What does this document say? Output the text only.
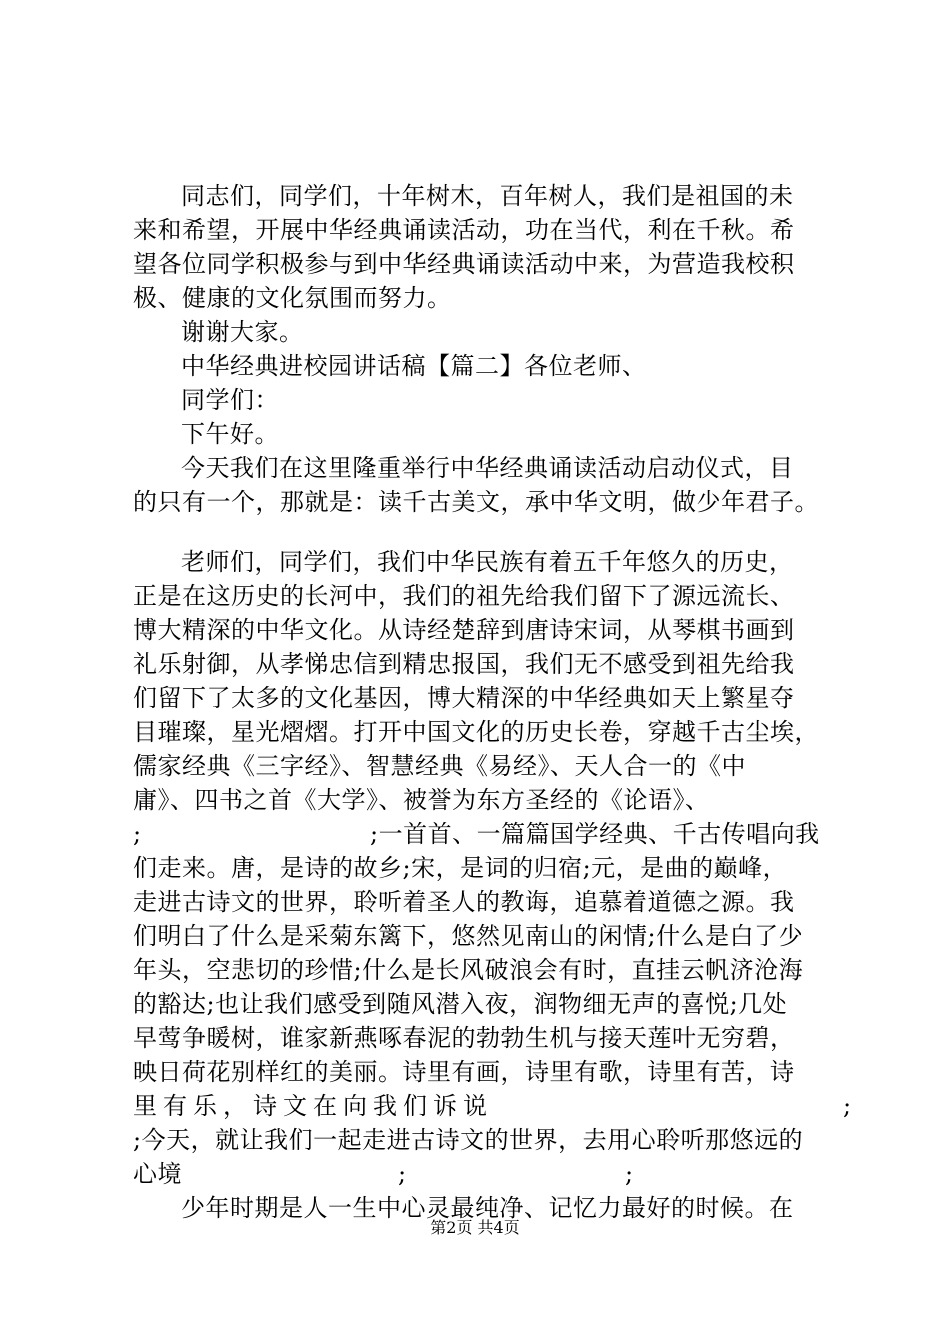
同志们，同学们，十年树木，百年树人，我们是祖国的未
来和希望，开展中华经典诵读活动，功在当代，利在千秋。希
望各位同学积极参与到中华经典诵读活动中来，为营造我校积
极、健康的文化氛围而努力。
谢谢大家。
中华经典进校园讲话稿【篇二】各位老师、
同学们：
下午好。
今天我们在这里隆重举行中华经典诵读活动启动仪式，目
的只有一个，那就是：读千古美文，承中华文明，做少年君子。
老师们，同学们，我们中华民族有着五千年悠久的历史，
正是在这历史的长河中，我们的祖先给我们留下了源远流长、
博大精深的中华文化。从诗经楚辞到唐诗宋词，从琴棋书画到
礼乐射御，从孝悌忠信到精忠报国，我们无不感受到祖先给我
们留下了太多的文化基因，博大精深的中华经典如天上繁星夺
目璀璨，星光熠熠。打开中国文化的历史长卷，穿越千古尘埃，
儒家经典《三字经》、智慧经典《易经》、天人合一的《中
庸》、四书之首《大学》、被誉为东方圣经的《论语》、
;	;一首首、一篇篇国学经典、千古传唱向我
们走来。唐，是诗的故乡;宋，是词的归宿;元，是曲的巅峰，
走进古诗文的世界，聆听着圣人的教诲，追慕着道德之源。我
们明白了什么是采菊东篱下，悠然见南山的闲情;什么是白了少
年头，空悲切的珍惜;什么是长风破浪会有时，直挂云帆济沧海
的豁达;也让我们感受到随风潜入夜，润物细无声的喜悦;几处
早莺争暖树，谁家新燕啄春泥的勃勃生机与接天莲叶无穷碧，
映日荷花别样红的美丽。诗里有画，诗里有歌，诗里有苦，诗
里有乐，诗文在向我们诉说	;
;今天，就让我们一起走进古诗文的世界，去用心聆听那悠远的
心境	;	;
少年时期是人一生中心灵最纯净、记忆力最好的时候。在
第2页 共4页
